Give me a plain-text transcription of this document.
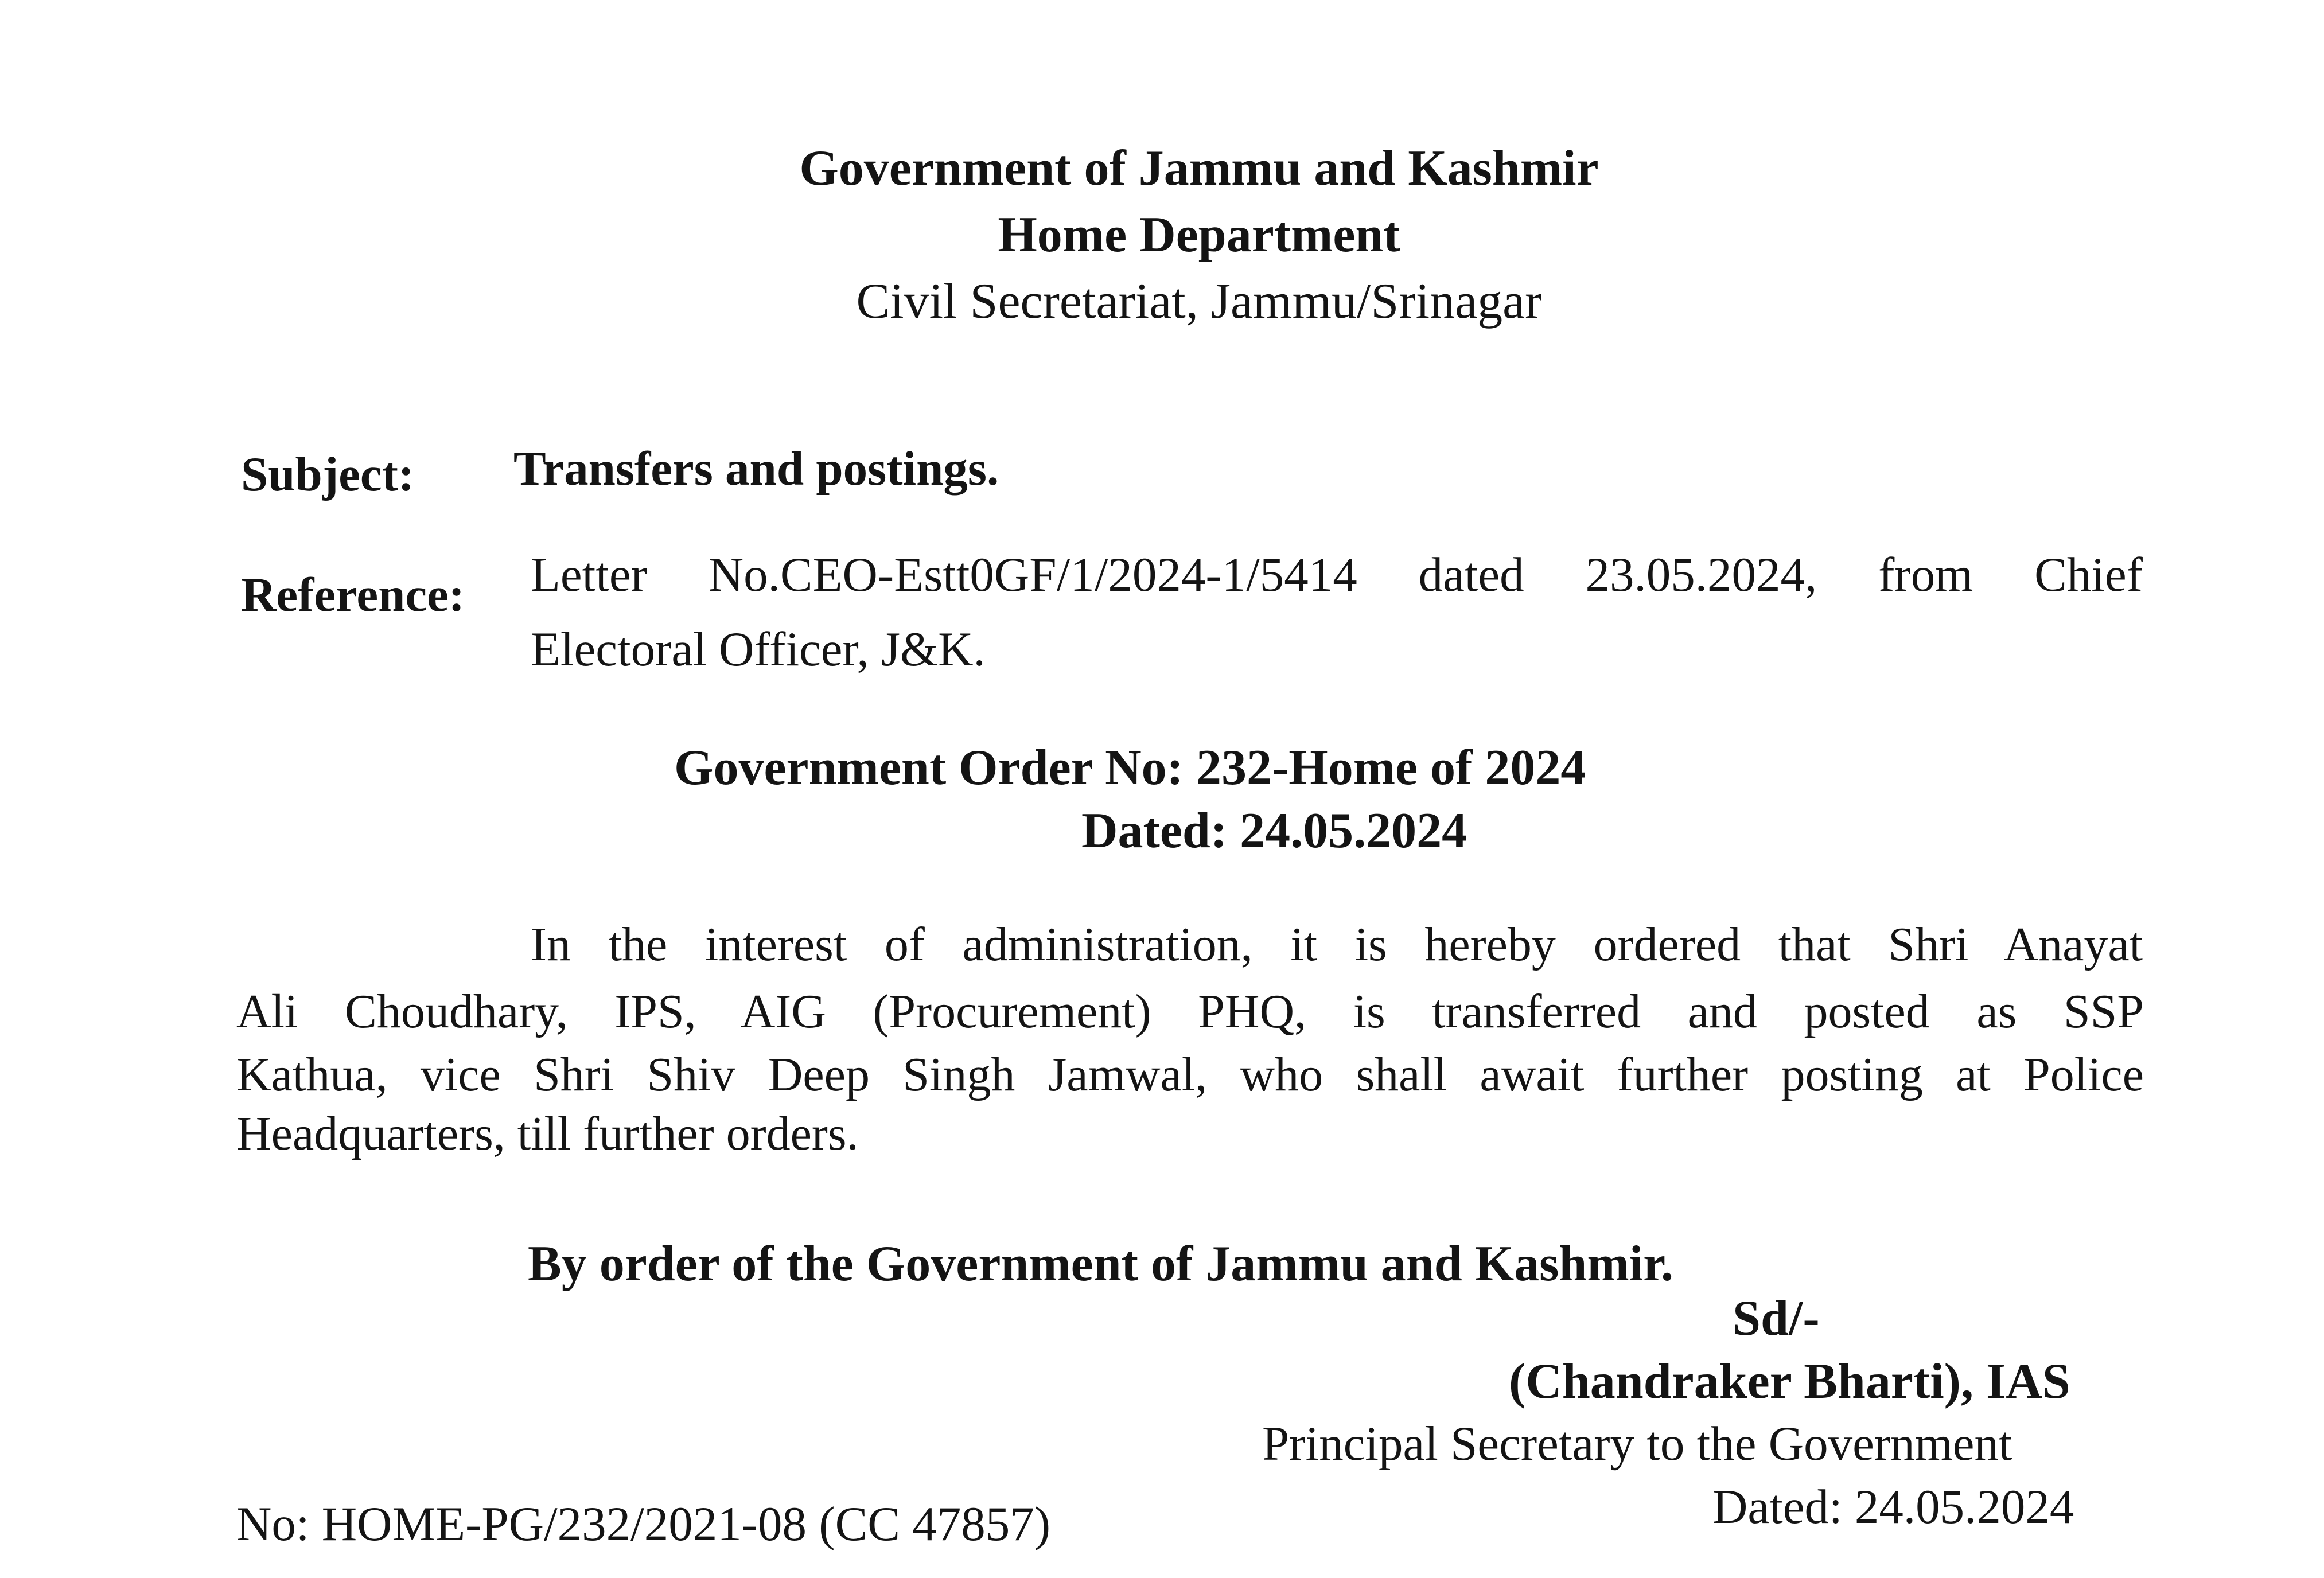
Government of Jammu and Kashmir
Home Department
Civil Secretariat, Jammu/Srinagar
Subject: Transfers and postings.
Reference: Letter No.CEO-Estt0GF/1/2024-1/5414 dated 23.05.2024, from Chief
Electoral Officer, J&K.
Government Order No: 232-Home of 2024
Dated: 24.05.2024
In the interest of administration, it is hereby ordered that Shri Anayat
Ali Choudhary, IPS, AIG (Procurement) PHQ, is transferred and posted as SSP
Kathua, vice Shri Shiv Deep Singh Jamwal, who shall await further posting at Police
Headquarters, till further orders.
By order of the Government of Jammu and Kashmir.
Sd/-
(Chandraker Bharti), IAS
Principal Secretary to the Government
Dated: 24.05.2024
No: HOME-PG/232/2021-08 (CC 47857)
